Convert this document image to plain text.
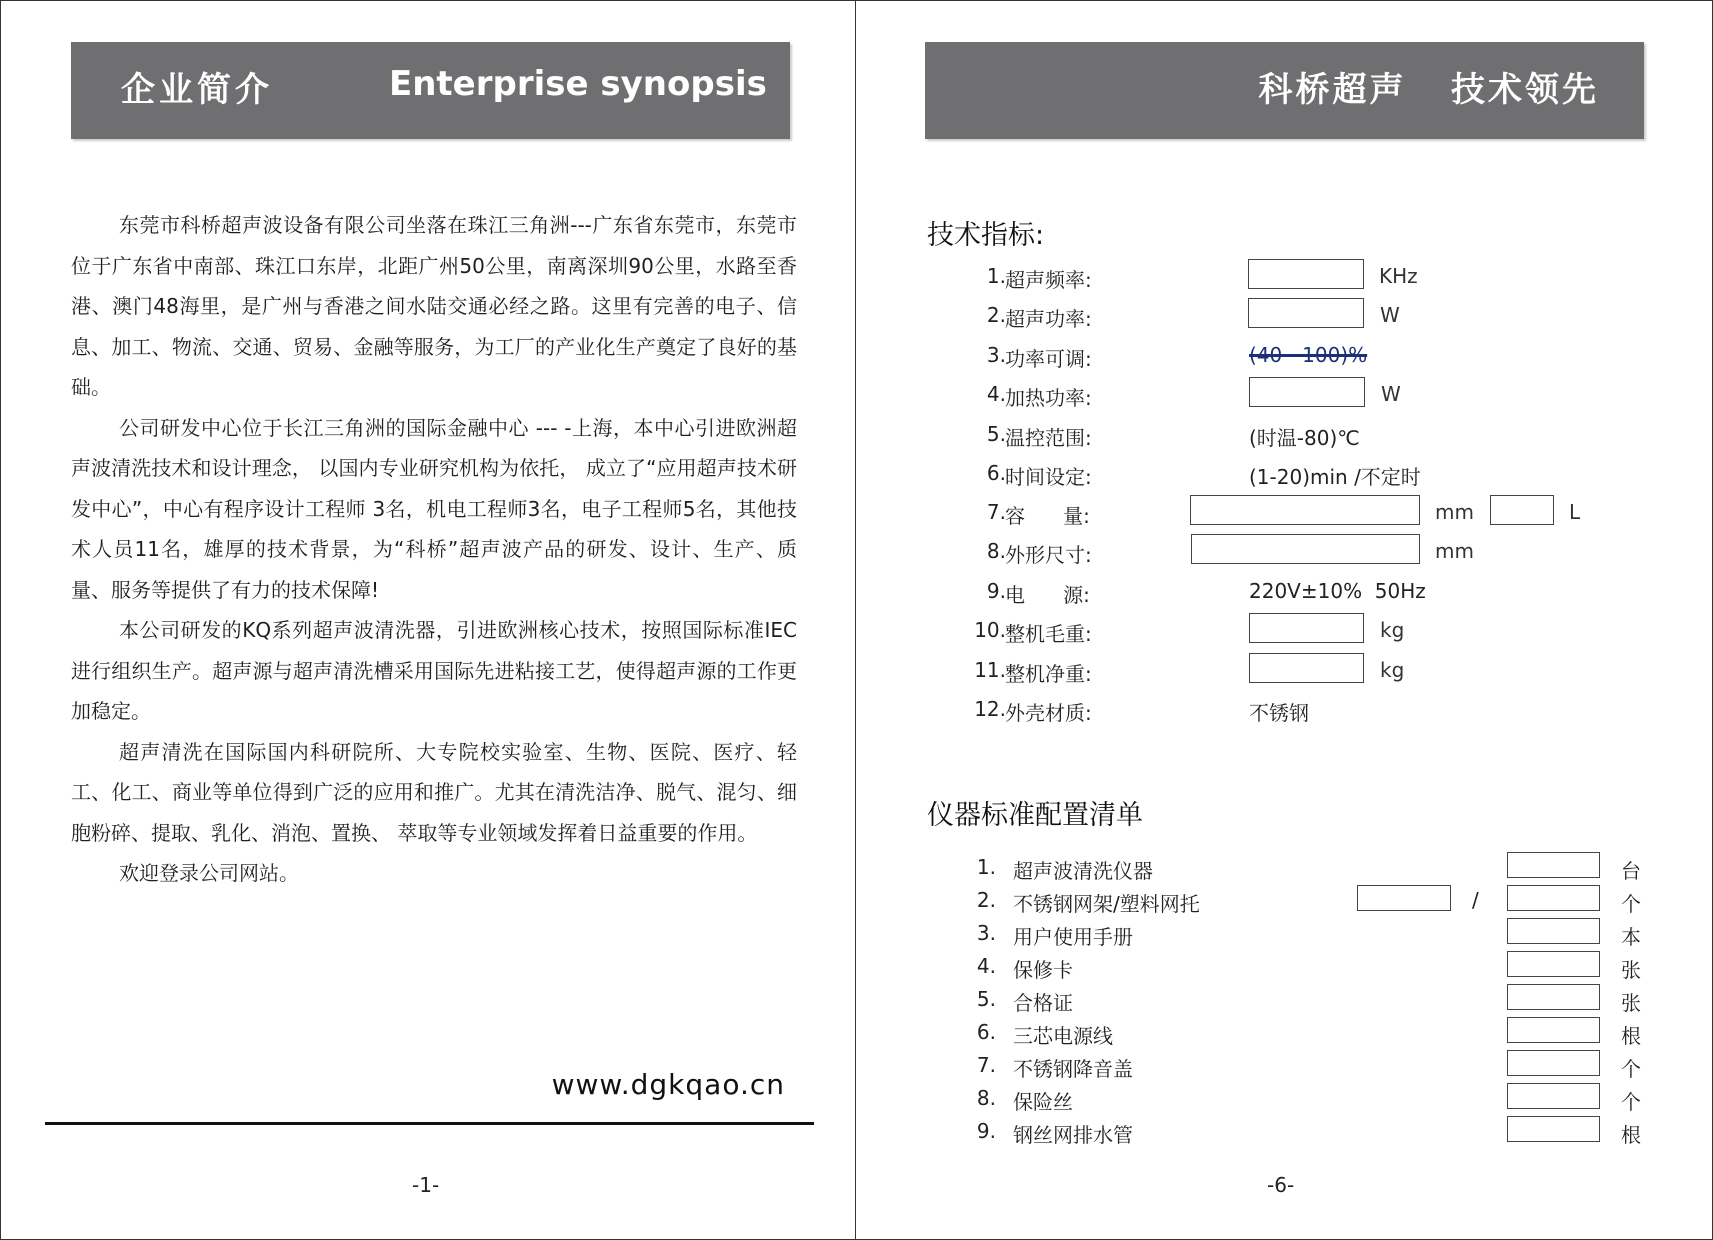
企业简介	Enterprise synopsis

东莞市科桥超声波设备有限公司坐落在珠江三角洲---广东省东莞市，东莞市位于广东省中南部、珠江口东岸，北距广州50公里，南离深圳90公里，水路至香港、澳门48海里，是广州与香港之间水陆交通必经之路。这里有完善的电子、信息、加工、物流、交通、贸易、金融等服务，为工厂的产业化生产奠定了良好的基础。

公司研发中心位于长江三角洲的国际金融中心 --- -上海，本中心引进欧洲超声波清洗技术和设计理念， 以国内专业研究机构为依托， 成立了“应用超声技术研发中心”，中心有程序设计工程师 3名，机电工程师3名，电子工程师5名，其他技术人员11名，雄厚的技术背景，为“科桥”超声波产品的研发、设计、生产、质量、服务等提供了有力的技术保障!

本公司研发的KQ系列超声波清洗器，引进欧洲核心技术，按照国际标准IEC进行组织生产。超声源与超声清洗槽采用国际先进粘接工艺，使得超声源的工作更加稳定。

超声清洗在国际国内科研院所、大专院校实验室、生物、医院、医疗、轻工、化工、商业等单位得到广泛的应用和推广。尤其在清洗洁净、脱气、混匀、细胞粉碎、提取、乳化、消泡、置换、 萃取等专业领域发挥着日益重要的作用。

欢迎登录公司网站。

www.dgkqao.cn
-1-
科桥超声   技术领先
技术指标:
1. 超声频率:	KHz
2. 超声功率:	W
3. 功率可调:	(40 - 100)%
4. 加热功率:	W
5. 温控范围:	(时温-80)℃
6. 时间设定:	(1-20)min /不定时
7. 容      量:	mm	L
8. 外形尺寸:	mm
9. 电      源:	220V±10%  50Hz
10. 整机毛重:	kg
11. 整机净重:	kg
12. 外壳材质:	不锈钢
仪器标准配置清单
1. 超声波清洗仪器	台
2. 不锈钢网架/塑料网托	/	个
3. 用户使用手册	本
4. 保修卡	张
5. 合格证	张
6. 三芯电源线	根
7. 不锈钢降音盖	个
8. 保险丝	个
9. 钢丝网排水管	根
-6-
